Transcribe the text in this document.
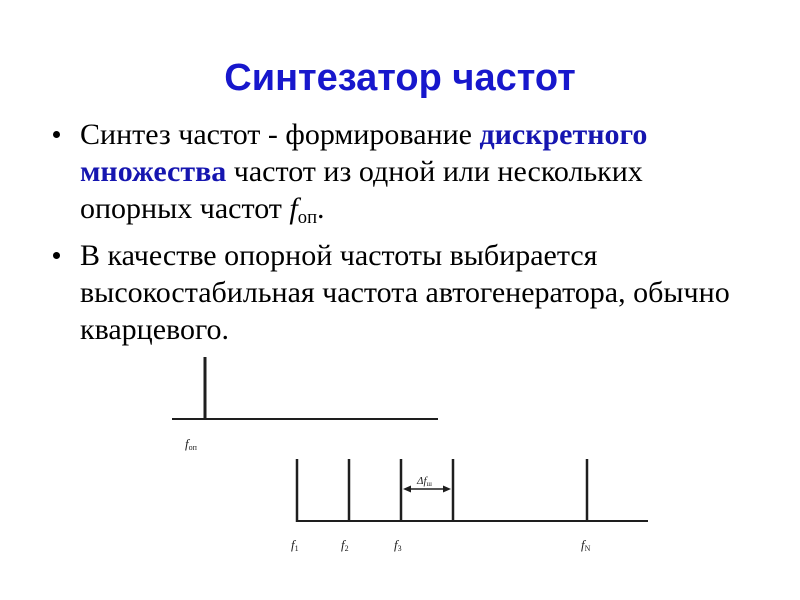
Синтезатор частот
Синтез частот - формирование дискретного множества частот из одной или нескольких опорных частот $f_{оп}$.
В качестве опорной частоты выбирается высокостабильная частота автогенератора, обычно кварцевого.
fоп
Δfш
f1	f2	f3	fN
